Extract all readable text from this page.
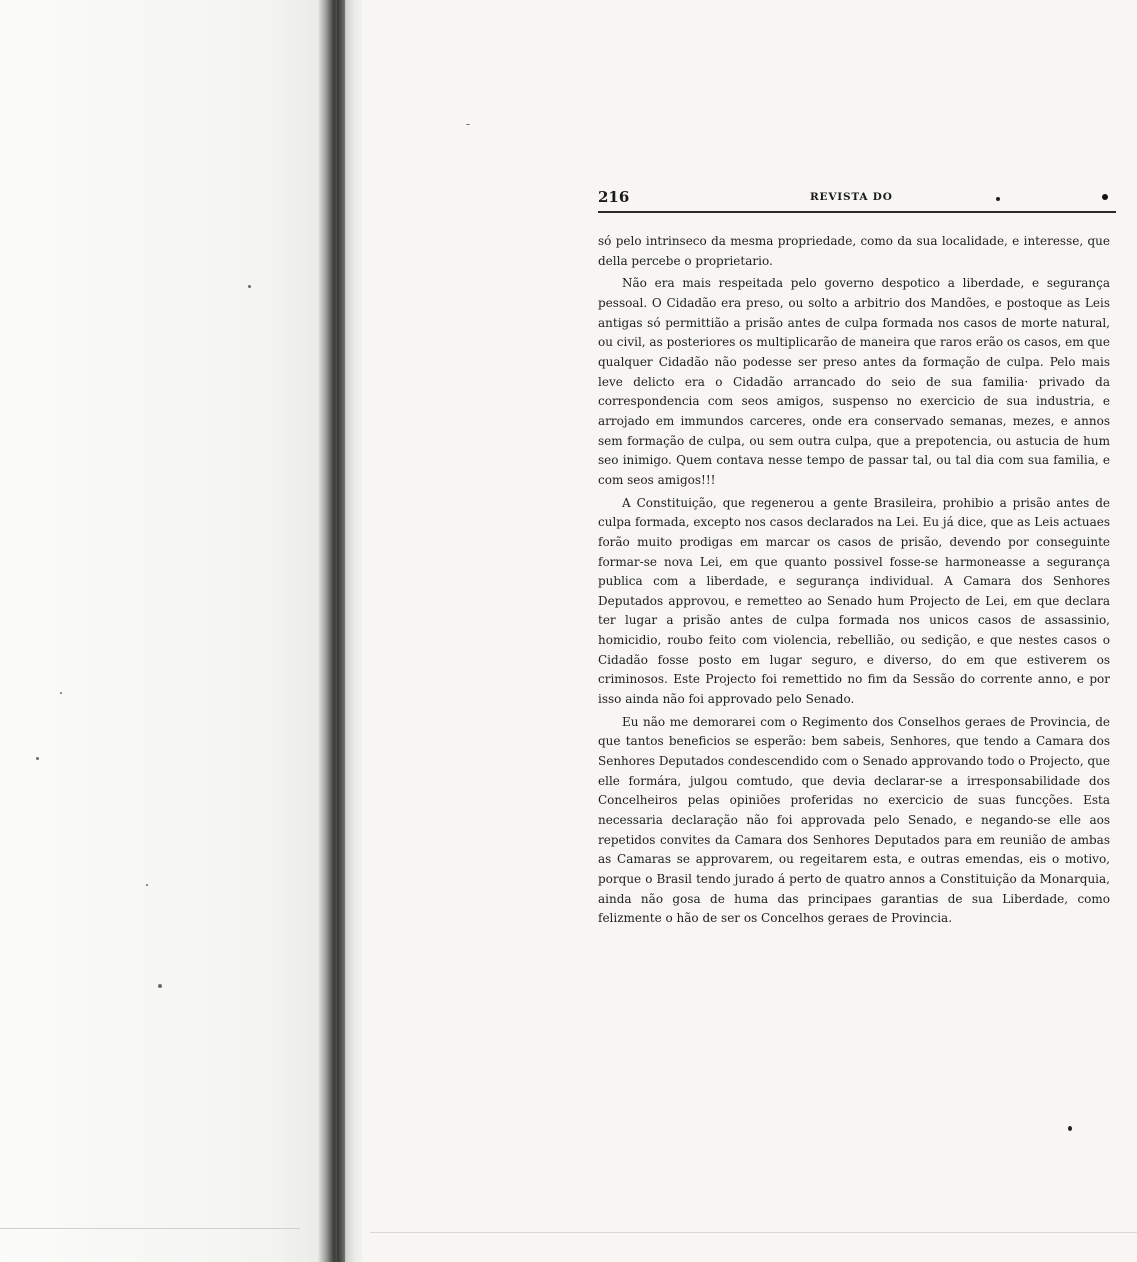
216	REVISTA DO

só pelo intrinseco da mesma propriedade, como da sua localidade, e interesse, que della percebe o proprietario.

Não era mais respeitada pelo governo despotico a liberdade, e segurança pessoal. O Cidadão era preso, ou solto a arbitrio dos Mandões, e postoque as Leis antigas só permittião a prisão antes de culpa formada nos casos de morte natural, ou civil, as posteriores os multiplicarão de maneira que raros erão os casos, em que qualquer Cidadão não podesse ser preso antes da formação de culpa. Pelo mais leve delicto era o Cidadão arrancado do seio de sua familia· privado da correspondencia com seos amigos, suspenso no exercicio de sua industria, e arrojado em immundos carceres, onde era conservado semanas, mezes, e annos sem formação de culpa, ou sem outra culpa, que a prepotencia, ou astucia de hum seo inimigo. Quem contava nesse tempo de passar tal, ou tal dia com sua familia, e com seos amigos!!!

A Constituição, que regenerou a gente Brasileira, prohibio a prisão antes de culpa formada, excepto nos casos declarados na Lei. Eu já dice, que as Leis actuaes forão muito prodigas em marcar os casos de prisão, devendo por conseguinte formar-se nova Lei, em que quanto possivel fosse-se harmoneasse a segurança publica com a liberdade, e segurança individual. A Camara dos Senhores Deputados approvou, e remetteo ao Senado hum Projecto de Lei, em que declara ter lugar a prisão antes de culpa formada nos unicos casos de assassinio, homicidio, roubo feito com violencia, rebellião, ou sedição, e que nestes casos o Cidadão fosse posto em lugar seguro, e diverso, do em que estiverem os criminosos. Este Projecto foi remettido no fim da Sessão do corrente anno, e por isso ainda não foi approvado pelo Senado.

Eu não me demorarei com o Regimento dos Conselhos geraes de Provincia, de que tantos beneficios se esperão: bem sabeis, Senhores, que tendo a Camara dos Senhores Deputados condescendido com o Senado approvando todo o Projecto, que elle formára, julgou comtudo, que devia declarar-se a irresponsabilidade dos Concelheiros pelas opiniões proferidas no exercicio de suas funcções. Esta necessaria declaração não foi approvada pelo Senado, e negando-se elle aos repetidos convites da Camara dos Senhores Deputados para em reunião de ambas as Camaras se approvarem, ou regeitarem esta, e outras emendas, eis o motivo, porque o Brasil tendo jurado á perto de quatro annos a Constituição da Monarquia, ainda não gosa de huma das principaes garantias de sua Liberdade, como felizmente o hão de ser os Concelhos geraes de Provincia.
